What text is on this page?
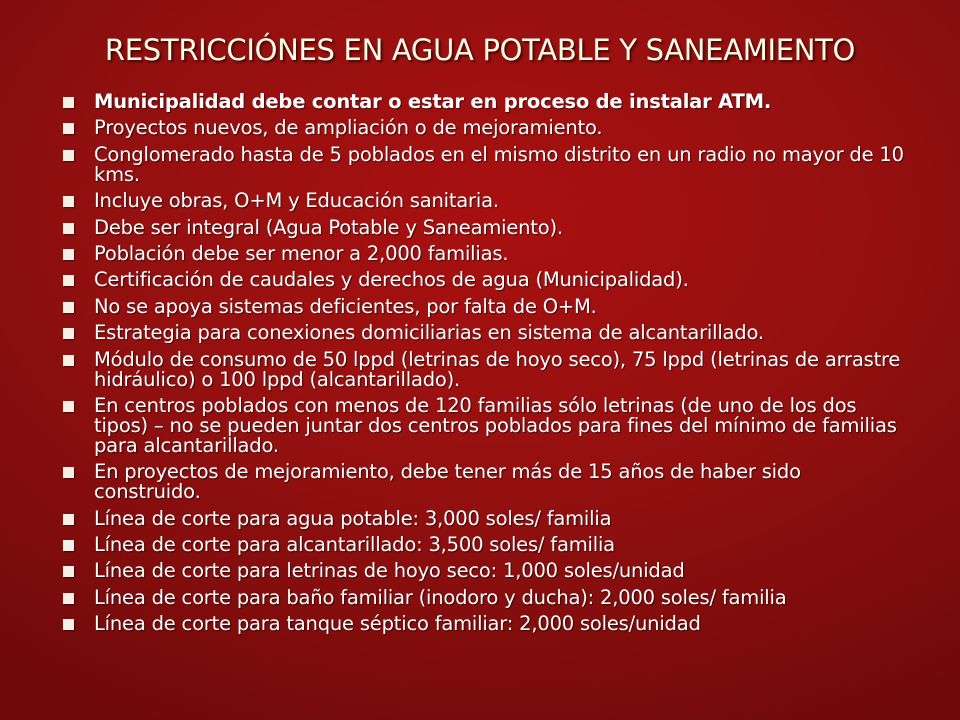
RESTRICCIÓNES EN AGUA POTABLE Y SANEAMIENTO
Municipalidad debe contar o estar en proceso de instalar ATM.
Proyectos nuevos, de ampliación o de mejoramiento.
Conglomerado hasta de 5 poblados en el mismo distrito en un radio no mayor de 10 kms.
Incluye obras, O+M y Educación sanitaria.
Debe ser integral (Agua Potable y Saneamiento).
Población debe ser menor a 2,000 familias.
Certificación de caudales y derechos de agua (Municipalidad).
No se apoya sistemas deficientes, por falta de O+M.
Estrategia para conexiones domiciliarias en sistema de alcantarillado.
Módulo de consumo de 50 lppd (letrinas de hoyo seco), 75 lppd (letrinas de arrastre hidráulico) o 100 lppd (alcantarillado).
En centros poblados con menos de 120 familias sólo letrinas (de uno de los dos tipos) – no se pueden juntar dos centros poblados para fines del mínimo de familias para alcantarillado.
En proyectos de mejoramiento, debe tener más de 15 años de haber sido construido.
Línea de corte para agua potable: 3,000 soles/ familia
Línea de corte para alcantarillado: 3,500 soles/ familia
Línea de corte para letrinas de hoyo seco: 1,000 soles/unidad
Línea de corte para baño familiar (inodoro y ducha): 2,000 soles/ familia
Línea de corte para tanque séptico familiar: 2,000 soles/unidad
